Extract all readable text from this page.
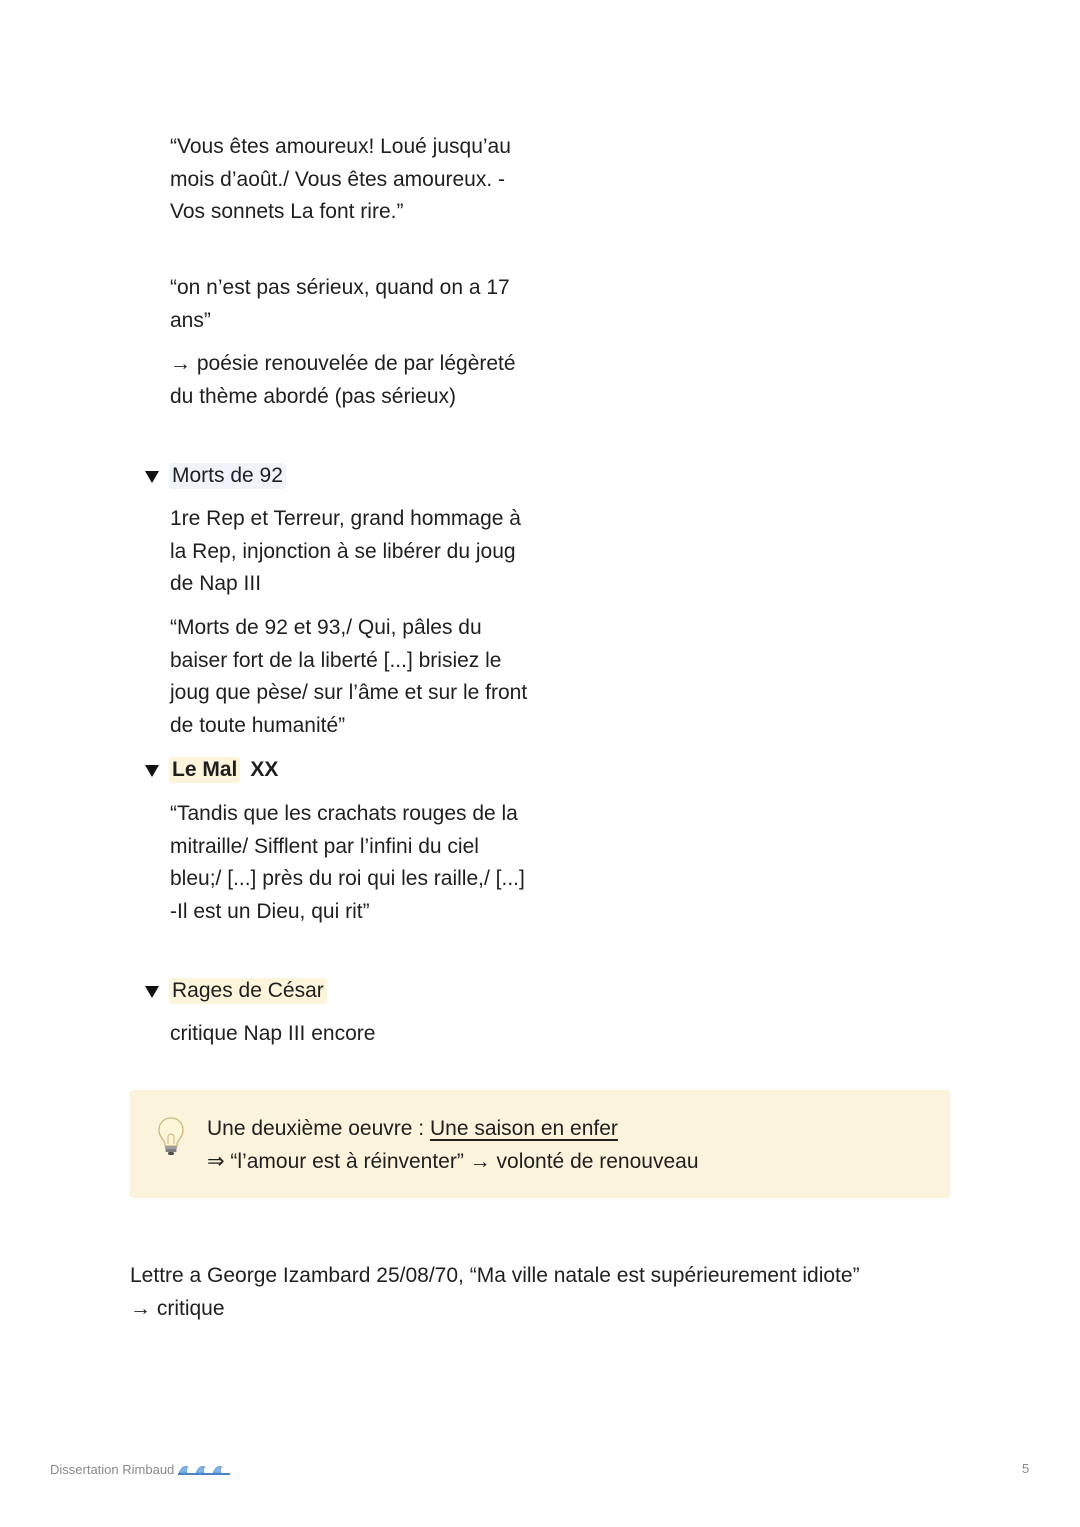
“Vous êtes amoureux! Loué jusqu’au mois d’août./ Vous êtes amoureux. - Vos sonnets La font rire.”

“on n’est pas sérieux, quand on a 17 ans”

→ poésie renouvelée de par légèreté du thème abordé (pas sérieux)

Morts de 92

1re Rep et Terreur, grand hommage à la Rep, injonction à se libérer du joug de Nap III

“Morts de 92 et 93,/ Qui, pâles du baiser fort de la liberté [...] brisiez le joug que pèse/ sur l’âme et sur le front de toute humanité”

Le Mal XX

“Tandis que les crachats rouges de la mitraille/ Sifflent par l’infini du ciel bleu;/ [...] près du roi qui les raille,/ [...] -Il est un Dieu, qui rit”

Rages de César

critique Nap III encore

Une deuxième oeuvre : Une saison en enfer
⇒ “l’amour est à réinventer” → volonté de renouveau
Lettre a George Izambard 25/08/70, “Ma ville natale est supérieurement idiote”
→ critique
Dissertation Rimbaud	5
